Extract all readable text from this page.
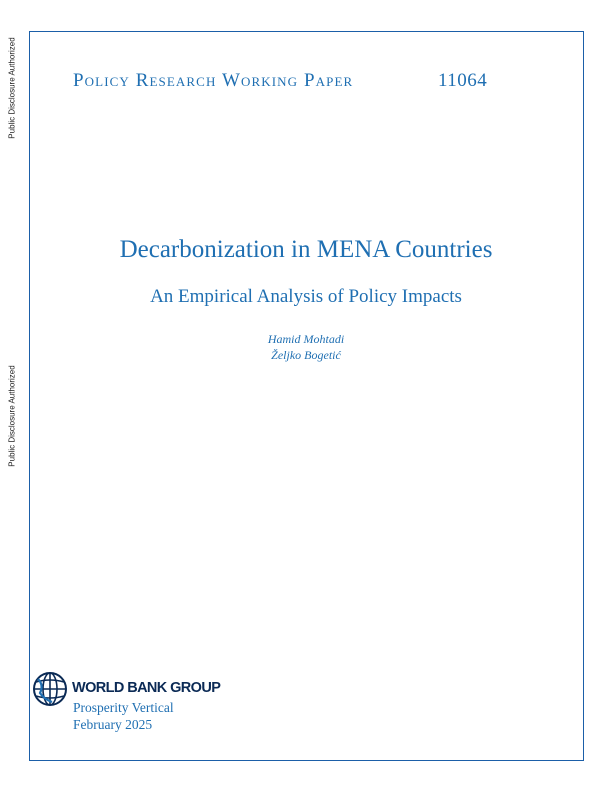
Public Disclosure Authorized
Public Disclosure Authorized
Policy Research Working Paper	11064
Decarbonization in MENA Countries
An Empirical Analysis of Policy Impacts
Hamid Mohtadi
Željko Bogetić
WORLD BANK GROUP
Prosperity Vertical
February 2025
